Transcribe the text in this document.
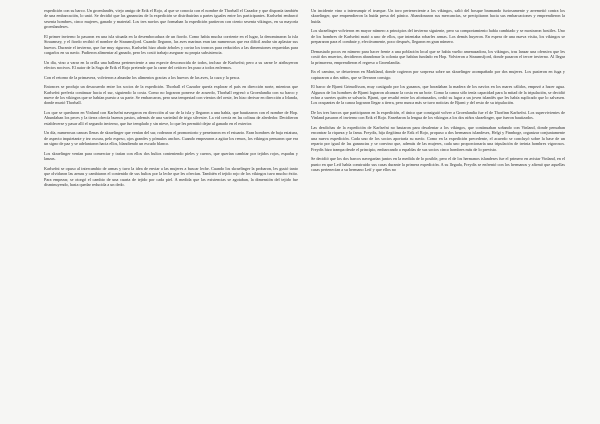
expedición con su barco. Un groenlandés, viejo amigo de Erik el Rojo, al que se conocía con el nombre de Thorhall el Cazador y que disponía también de una embarcación, lo unió. Se decidió que las ganancias de la expedición se distribuirían a partes iguales entre los participantes. Karlsefni embarcó sesenta hombres, cinco mujeres, ganado y material. Los tres navíos que formaban la expedición partieron con ciento sesenta vikingos, en su mayoría groenlandeses.

El primer invierno lo pasaron en una isla situada en la desembocadura de un fiordo. Como había mucha corriente en el lugar, la denominaron la isla Straumsey, y el fiordo recibió el nombre de Straumsfjord. Cuando llegaron, las aves marinas eran tan numerosas que era difícil andar sin aplastar sus huevos. Durante el invierno, que fue muy riguroso, Karlsefni hizo abatir árboles y cortar los troncos para reducirlos a las dimensiones requeridas para cargarlos en su navío. Pudieron alimentar al ganado, pero les costó trabajo asegurar su propia subsistencia.

Un día, vino a varar en la orilla una ballena perteneciente a una especie desconocida de todos, incluso de Karlsefni; pero a su carne le atribuyeron efectos nocivos. El autor de la Saga de Erik el Rojo pretende que la carne del cetáceo les puso a todos enfermos.

Con el retorno de la primavera, volvieron a abundar los alimentos gracias a los huevos de las aves, la caza y la pesca.

Entonces se produjo un desacuerdo entre los socios de la expedición. Thorhall el Cazador quería explorar el país en dirección norte, mientras que Karlsefni prefería continuar hacia el sur, siguiendo la costa. Como no lograron ponerse de acuerdo, Thorhall regresó a Groenlandia con su barco y nueve de los vikingos que se habían puesto a su parte. Se embarcaron, pero una tempestad con vientos del oeste, les hizo derivar en dirección a Irlanda, donde murió Thorhall.

Los que se quedaron en Vinland con Karlsefni navegaron en dirección al sur de la isla y llegaron a una bahía, que bautizaron con el nombre de Hop. Abundaban los peces y la tierra ofrecía buenos pastos, además de una variedad de trigo silvestre. La vid crecía en las colinas de alrededor. Decidieron establecerse y pasar allí el segundo invierno, que fue templado y sin nieve, lo que les permitió dejar al ganado en el exterior.

Un día, numerosas canoas llenas de skraelinger que venían del sur, rodearon el promontorio y penetraron en el estuario. Eran hombres de baja estatura, de aspecto inquietante y tez oscura, pelo espeso, ojos grandes y pómulos anchos. Cuando empezaron a agitar los remos, los vikingos pensaron que era un signo de paz y se adelantaron hacia ellos, blandiendo un escudo blanco.

Los skraelinger venían para comerciar y traían con ellos dos bultos conteniendo pieles y cueros, que querían cambiar por tejidos rojos, espadas y lanzas.

Karlsefni se opuso al intercambio de armas y tuvo la idea de enviar a las mujeres a buscar leche. Cuando los skraelinger la probaron, les gustó tanto que olvidaron las armas y cambiaron el contenido de sus bultos por la leche que les ofrecían. También el tejido rojo de los vikingos tuvo mucho éxito. Para empezar, se otorgó el cambio de una cuarta de tejido por cada piel. A medida que las existencias se agotaban, la dimensión del tejido fue disminuyendo, hasta quedar reducida a un dedo.

Un incidente vino a interrumpir el trueque. Un toro perteneciente a los vikingos, salió del bosque bramando furiosamente y arremetió contra los skraelinger, que emprendieron la huida presa del pánico. Abandonaron sus mercancías, se precipitaron hacia sus embarcaciones y emprendieron la huida.

Los skraelinger volvieron en mayor número a principios del invierno siguiente, pero su comportamiento había cambiado y se mostraron hostiles. Uno de los hombres de Karlsefni mató a uno de ellos, que intentaba robarles armas. Los demás huyeron. En espera de una nueva visita, los vikingos se prepararon para el combate y, efectivamente, poco después, llegaron en gran número.

Demasiado pocos en número para hacer frente a una población local que se había vuelto amenazadora, los vikingos, tras lanzar una ofensiva que les costó dos muertos, decidieron abandonar la colonia que habían fundado en Hop. Volvieron a Straumsfjord, donde pasaron el tercer invierno. Al llegar la primavera, emprendieron el regreso a Groenlandia.

En el camino, se detuvieron en Markland, donde cogieron por sorpresa sobre un skraelinger acompañado por dos mujeres. Los pusieron en fuga y capturaron a dos niños, que se llevaron consigo.

El barco de Bjarni Grimolfsson, muy castigado por los gusanos, que horadaban la madera de los navíos en los mares cálidos, empezó a hacer agua. Algunos de los hombres de Bjarni lograron alcanzar la costa en un bote. Como la canoa sólo tenía capacidad para la mitad de la tripulación, se decidió echar a suertes quién se salvaría. Bjarni, que resultó entre los afortunados, cedió su lugar a un joven islandés que les había suplicado que lo salvasen. Los ocupantes de la canoa lograron llegar a tierra, pero nunca más se tuvo noticias de Bjarni y del resto de su tripulación.

De los tres barcos que participaron en la expedición, el único que consiguió volver a Groenlandia fue el de Thorfinn Karlsefni. Los supervivientes de Vinland pasaron el invierno con Erik el Rojo. Enseñaron la lengua de los vikingos a los dos niños skraelinger, que fueron bautizados.

Las desdichas de la expedición de Karlsefni no bastaron para desalentar a los vikingos, que continuaban soñando con Vinland, donde pensaban encontrar la riqueza y la fama. Freydis, hija ilegítima de Erik el Rojo, propuso a dos hermanos islandeses, Helgi y Finnboge, organizar conjuntamente una nueva expedición. Cada uno de los socios aportaría su navío. Como en la expedición precedente, el acuerdo se concluyó sobre la base de un reparto por igual de las ganancias y se convino que, además de las mujeres, cada uno proporcionaría una tripulación de treinta hombres vigorosos. Freydis hizo trampa desde el principio, embarcando a espaldas de sus socios cinco hombres más de lo previsto.

Se decidió que los dos barcos navegarían juntos en la medida de lo posible, pero el de los hermanos islandeses fue el primero en avistar Vinland, en el punto en que Leif había construido sus casas durante la primera expedición. A su llegada, Freydis se enfrentó con los hermanos y afirmó que aquellas casas pertenecían a su hermano Leif y que ellos no
